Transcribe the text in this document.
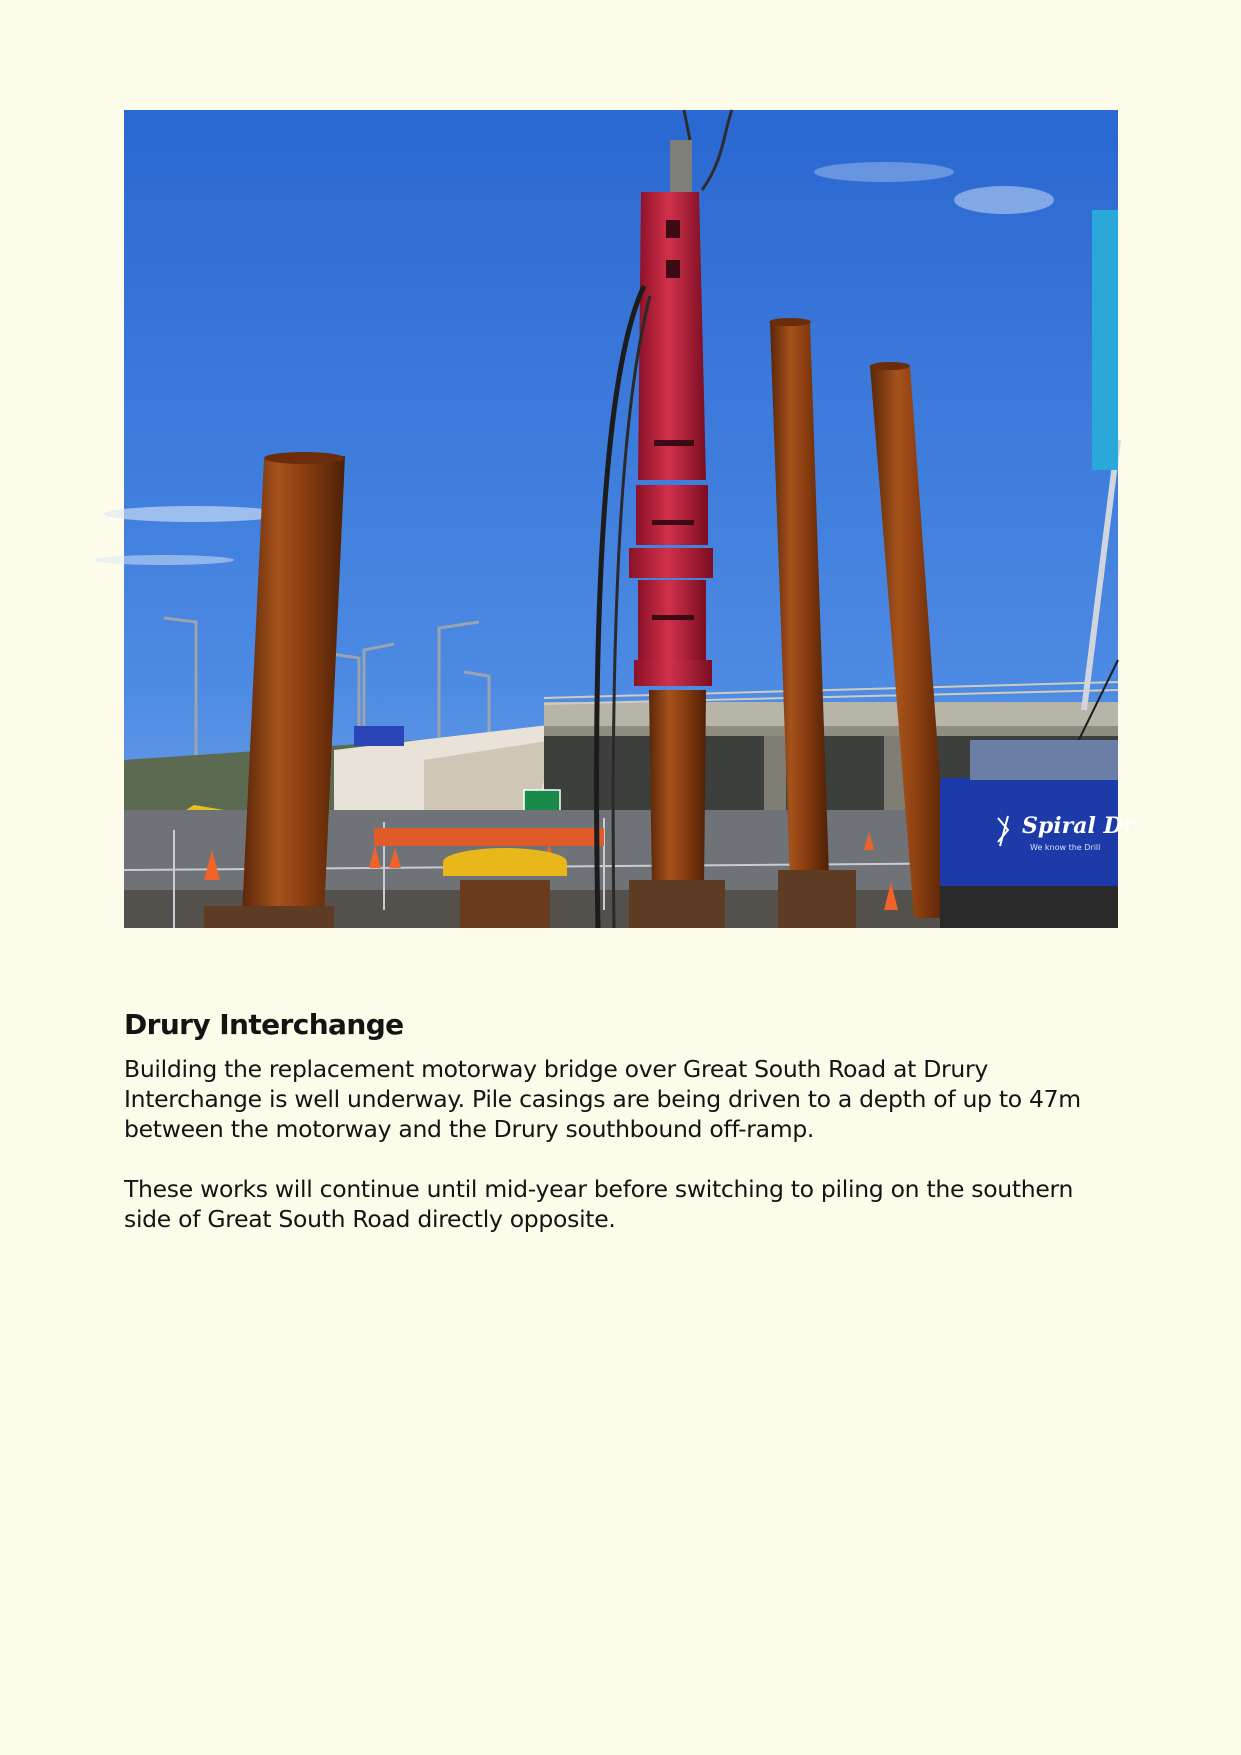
Spiral Dr
We know the Drill
Drury Interchange

Building the replacement motorway bridge over Great South Road at Drury Interchange is well underway. Pile casings are being driven to a depth of up to 47m between the motorway and the Drury southbound off-ramp.

These works will continue until mid-year before switching to piling on the southern side of Great South Road directly opposite.
